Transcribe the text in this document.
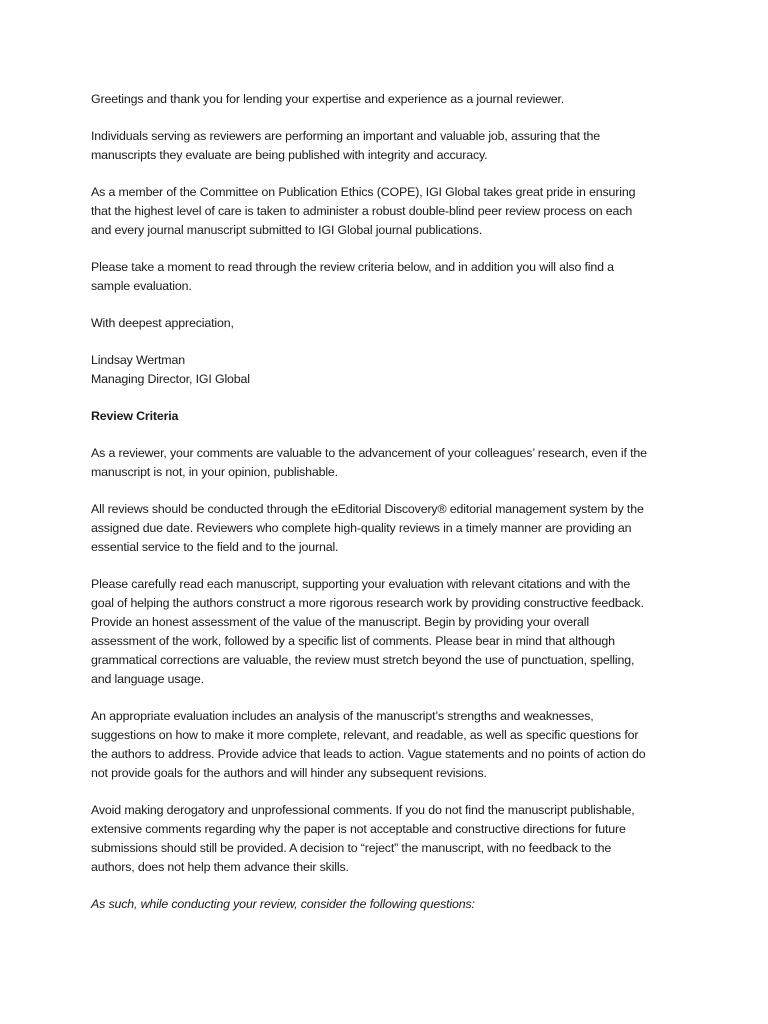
Greetings and thank you for lending your expertise and experience as a journal reviewer.

Individuals serving as reviewers are performing an important and valuable job, assuring that the
manuscripts they evaluate are being published with integrity and accuracy.

As a member of the Committee on Publication Ethics (COPE), IGI Global takes great pride in ensuring
that the highest level of care is taken to administer a robust double-blind peer review process on each
and every journal manuscript submitted to IGI Global journal publications.

Please take a moment to read through the review criteria below, and in addition you will also find a
sample evaluation.

With deepest appreciation,

Lindsay Wertman
Managing Director, IGI Global

Review Criteria

As a reviewer, your comments are valuable to the advancement of your colleagues’ research, even if the
manuscript is not, in your opinion, publishable.

All reviews should be conducted through the eEditorial Discovery® editorial management system by the
assigned due date. Reviewers who complete high-quality reviews in a timely manner are providing an
essential service to the field and to the journal.

Please carefully read each manuscript, supporting your evaluation with relevant citations and with the
goal of helping the authors construct a more rigorous research work by providing constructive feedback.
Provide an honest assessment of the value of the manuscript. Begin by providing your overall
assessment of the work, followed by a specific list of comments. Please bear in mind that although
grammatical corrections are valuable, the review must stretch beyond the use of punctuation, spelling,
and language usage.

An appropriate evaluation includes an analysis of the manuscript’s strengths and weaknesses,
suggestions on how to make it more complete, relevant, and readable, as well as specific questions for
the authors to address. Provide advice that leads to action. Vague statements and no points of action do
not provide goals for the authors and will hinder any subsequent revisions.

Avoid making derogatory and unprofessional comments. If you do not find the manuscript publishable,
extensive comments regarding why the paper is not acceptable and constructive directions for future
submissions should still be provided. A decision to “reject” the manuscript, with no feedback to the
authors, does not help them advance their skills.

As such, while conducting your review, consider the following questions:
